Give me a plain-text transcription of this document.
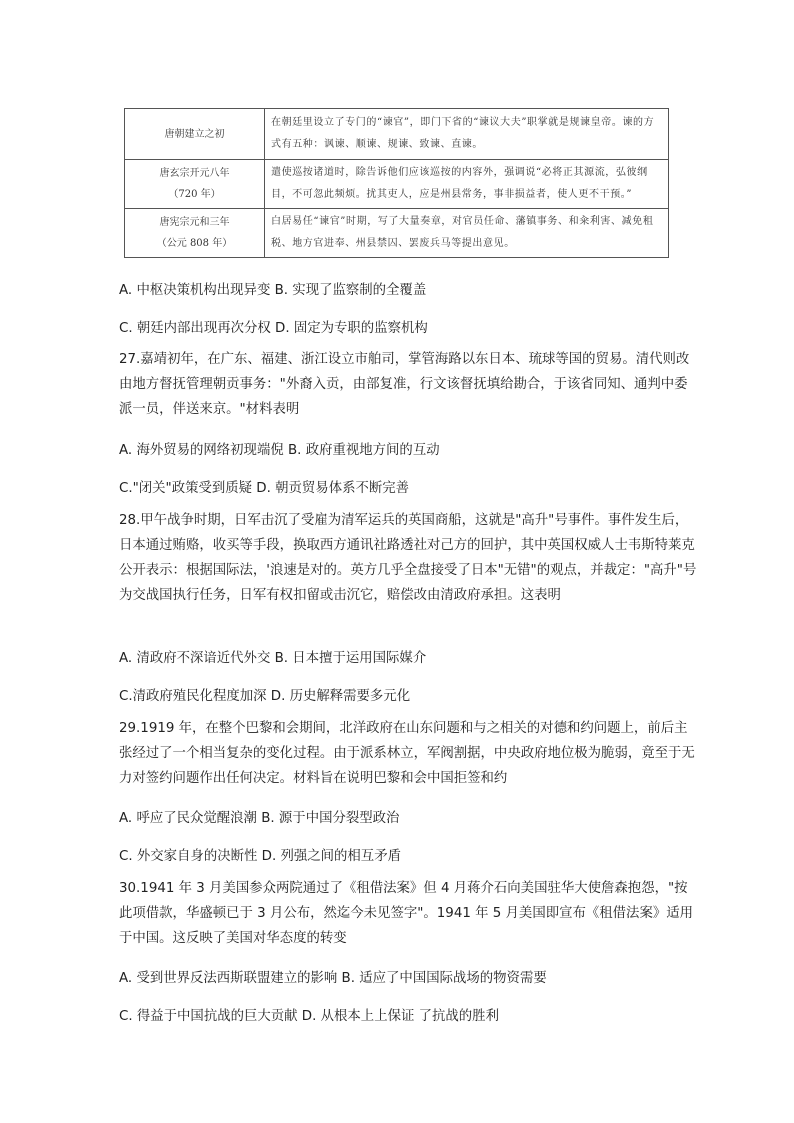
唐朝建立之初	在朝廷里设立了专门的“谏官”，即门下省的“谏议大夫”职掌就是规谏皇帝。谏的方式有五种：讽谏、顺谏、规谏、致谏、直谏。
唐玄宗开元八年
（720 年）	遣使巡按诸道时，除告诉他们应该巡按的内容外，强调说“必将正其源流，弘彼纲目，不可忽此频烦。扰其吏人，应是州县常务，事非损益者，使人更不干预。”
唐宪宗元和三年
（公元 808 年）	白居易任“谏官”时期，写了大量奏章，对官员任命、藩镇事务、和籴利害、减免租税、地方官进奉、州县禁囚、罢废兵马等提出意见。
A. 中枢决策机构出现异变 B. 实现了监察制的全覆盖
C. 朝廷内部出现再次分权 D. 固定为专职的监察机构
27.嘉靖初年，在广东、福建、浙江设立市舶司，掌管海路以东日本、琉球等国的贸易。清代则改由地方督抚管理朝贡事务："外裔入贡，由部复准，行文该督抚填给勘合，于该省同知、通判中委派一员，伴送来京。"材料表明
A. 海外贸易的网络初现端倪 B. 政府重视地方间的互动
C."闭关"政策受到质疑 D. 朝贡贸易体系不断完善
28.甲午战争时期，日军击沉了受雇为清军运兵的英国商船，这就是"高升"号事件。事件发生后，日本通过贿赂，收买等手段，换取西方通讯社路透社对己方的回护，其中英国权威人士韦斯特莱克公开表示：根据国际法，'浪速是对的。英方几乎全盘接受了日本"无错"的观点，并裁定："高升"号为交战国执行任务，日军有权扣留或击沉它，赔偿改由清政府承担。这表明
A. 清政府不深谙近代外交 B. 日本擅于运用国际媒介
C.清政府殖民化程度加深 D. 历史解释需要多元化
29.1919 年，在整个巴黎和会期间，北洋政府在山东问题和与之相关的对德和约问题上，前后主张经过了一个相当复杂的变化过程。由于派系林立，军阀割据，中央政府地位极为脆弱，竟至于无力对签约问题作出任何决定。材料旨在说明巴黎和会中国拒签和约
A. 呼应了民众觉醒浪潮 B. 源于中国分裂型政治
C. 外交家自身的决断性 D. 列强之间的相互矛盾
30.1941 年 3 月美国参众两院通过了《租借法案》但 4 月蒋介石向美国驻华大使詹森抱怨，"按此项借款，华盛顿已于 3 月公布，然迄今未见签字"。1941 年 5 月美国即宣布《租借法案》适用于中国。这反映了美国对华态度的转变
A. 受到世界反法西斯联盟建立的影响 B. 适应了中国国际战场的物资需要
C. 得益于中国抗战的巨大贡献 D. 从根本上上保证 了抗战的胜利
